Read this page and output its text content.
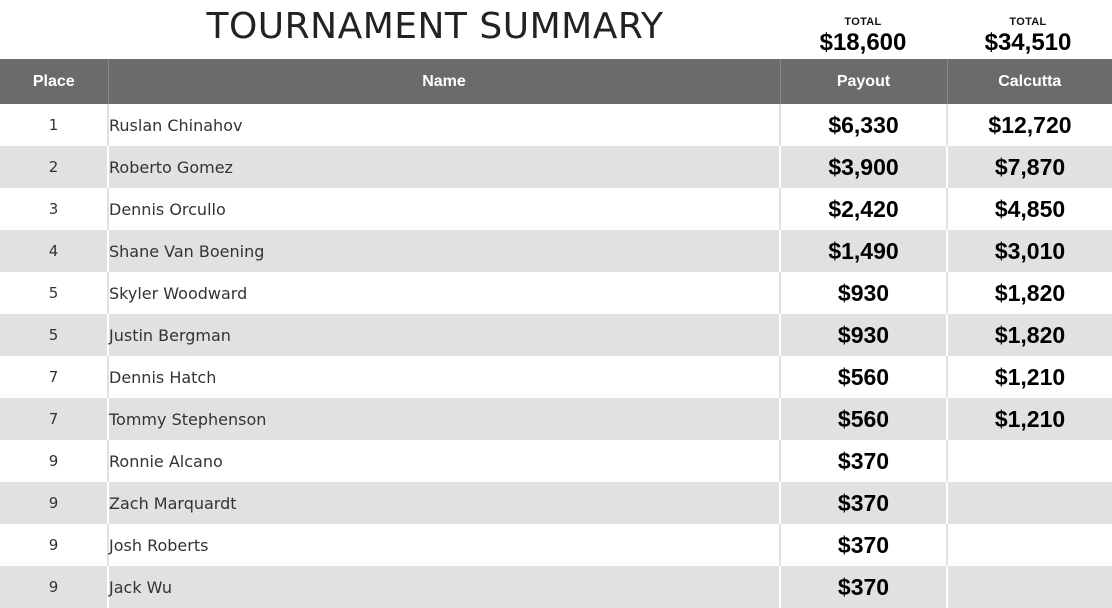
TOURNAMENT SUMMARY	TOTAL
$18,600
TOTAL
$34,510
Place	Name	Payout	Calcutta
1	Ruslan Chinahov	$6,330	$12,720
2	Roberto Gomez	$3,900	$7,870
3	Dennis Orcullo	$2,420	$4,850
4	Shane Van Boening	$1,490	$3,010
5	Skyler Woodward	$930	$1,820
5	Justin Bergman	$930	$1,820
7	Dennis Hatch	$560	$1,210
7	Tommy Stephenson	$560	$1,210
9	Ronnie Alcano	$370	
9	Zach Marquardt	$370	
9	Josh Roberts	$370	
9	Jack Wu	$370	
